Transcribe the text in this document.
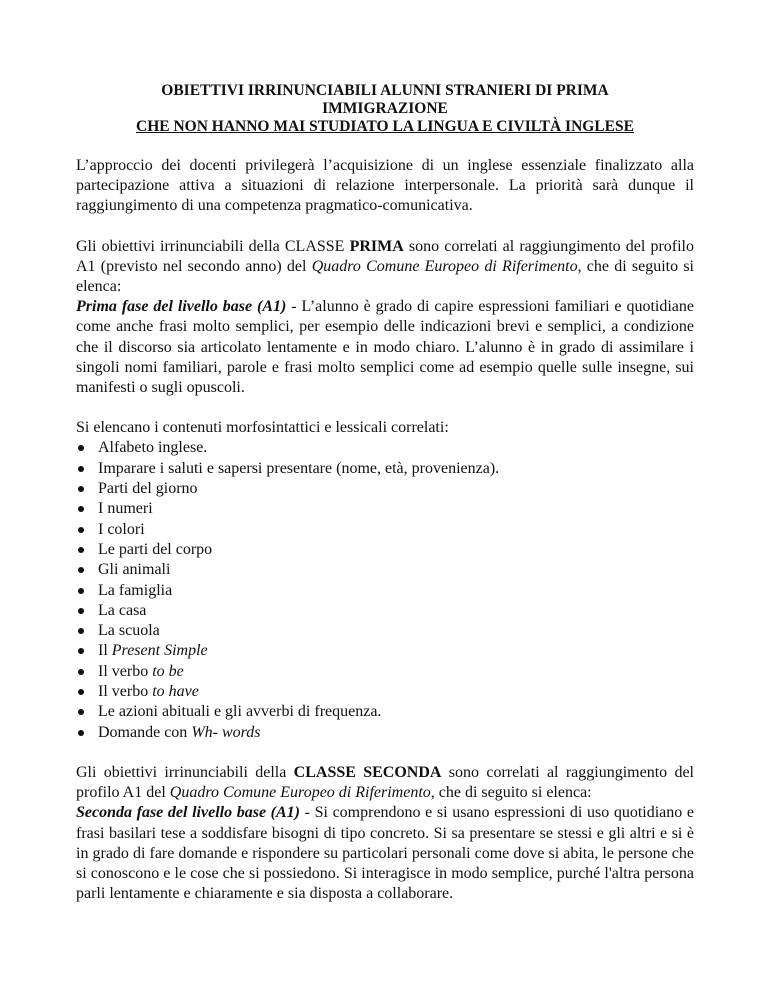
OBIETTIVI IRRINUNCIABILI ALUNNI STRANIERI DI PRIMA
IMMIGRAZIONE
CHE NON HANNO MAI STUDIATO LA LINGUA E CIVILTÀ INGLESE

L’approccio dei docenti privilegerà l’acquisizione di un inglese essenziale finalizzato alla partecipazione attiva a situazioni di relazione interpersonale. La priorità sarà dunque il raggiungimento di una competenza pragmatico-comunicativa.

Gli obiettivi irrinunciabili della CLASSE PRIMA sono correlati al raggiungimento del profilo A1 (previsto nel secondo anno) del Quadro Comune Europeo di Riferimento, che di seguito si elenca:
Prima fase del livello base (A1) - L’alunno è grado di capire espressioni familiari e quotidiane come anche frasi molto semplici, per esempio delle indicazioni brevi e semplici, a condizione che il discorso sia articolato lentamente e in modo chiaro. L’alunno è in grado di assimilare i singoli nomi familiari, parole e frasi molto semplici come ad esempio quelle sulle insegne, sui manifesti o sugli opuscoli.

Si elencano i contenuti morfosintattici e lessicali correlati:

Alfabeto inglese.
Imparare i saluti e sapersi presentare (nome, età, provenienza).
Parti del giorno
I numeri
I colori
Le parti del corpo
Gli animali
La famiglia
La casa
La scuola
Il Present Simple
Il verbo to be
Il verbo to have
Le azioni abituali e gli avverbi di frequenza.
Domande con Wh- words
Gli obiettivi irrinunciabili della CLASSE SECONDA sono correlati al raggiungimento del profilo A1 del Quadro Comune Europeo di Riferimento, che di seguito si elenca:
Seconda fase del livello base (A1) - Si comprendono e si usano espressioni di uso quotidiano e frasi basilari tese a soddisfare bisogni di tipo concreto. Si sa presentare se stessi e gli altri e si è in grado di fare domande e rispondere su particolari personali come dove si abita, le persone che si conoscono e le cose che si possiedono. Si interagisce in modo semplice, purché l'altra persona parli lentamente e chiaramente e sia disposta a collaborare.
